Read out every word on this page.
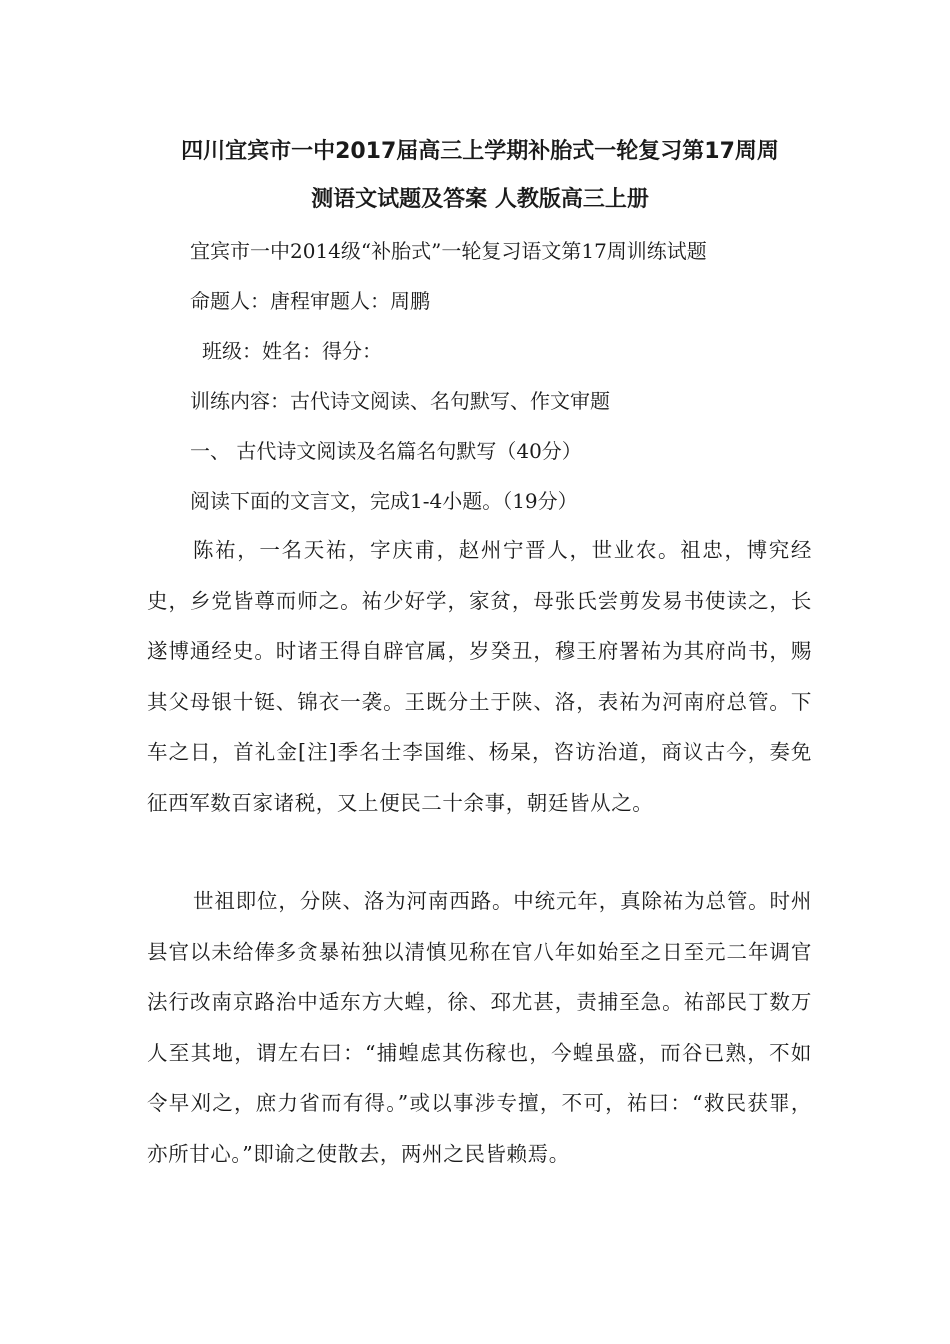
四川宜宾市一中2017届高三上学期补胎式一轮复习第17周周
测语文试题及答案 人教版高三上册
宜宾市一中2014级“补胎式”一轮复习语文第17周训练试题
命题人：唐程审题人：周鹏
班级：姓名：得分：
训练内容：古代诗文阅读、名句默写、作文审题
一、 古代诗文阅读及名篇名句默写（40分）
阅读下面的文言文，完成1-4小题。（19分）

陈祐，一名天祐，字庆甫，赵州宁晋人，世业农。祖忠，博究经史，乡党皆尊而师之。祐少好学，家贫，母张氏尝剪发易书使读之，长遂博通经史。时诸王得自辟官属，岁癸丑，穆王府署祐为其府尚书，赐其父母银十铤、锦衣一袭。王既分土于陕、洛，表祐为河南府总管。下车之日，首礼金[注]季名士李国维、杨杲，咨访治道，商议古今，奏免征西军数百家诸税，又上便民二十余事，朝廷皆从之。

世祖即位，分陕、洛为河南西路。中统元年，真除祐为总管。时州县官以未给俸多贪暴祐独以清慎见称在官八年如始至之日至元二年调官法行改南京路治中适东方大蝗，徐、邳尤甚，责捕至急。祐部民丁数万人至其地，谓左右曰：“捕蝗虑其伤稼也，今蝗虽盛，而谷已熟，不如令早刈之，庶力省而有得。”或以事涉专擅，不可，祐曰：“救民获罪，亦所甘心。”即谕之使散去，两州之民皆赖焉。
